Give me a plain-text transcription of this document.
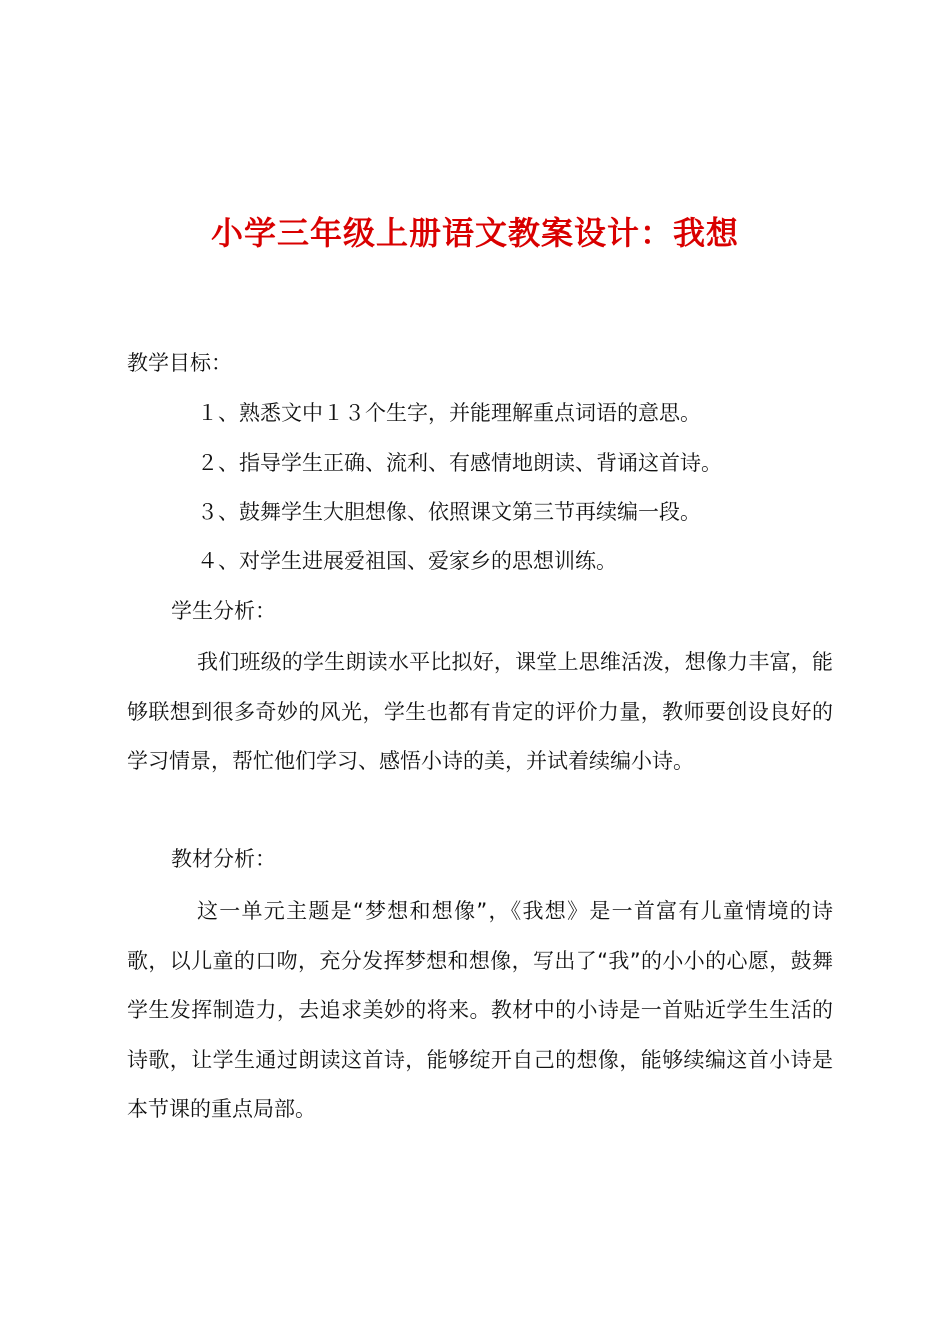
小学三年级上册语文教案设计：我想

教学目标：

１、熟悉文中１３个生字，并能理解重点词语的意思。

２、指导学生正确、流利、有感情地朗读、背诵这首诗。

３、鼓舞学生大胆想像、依照课文第三节再续编一段。

４、对学生进展爱祖国、爱家乡的思想训练。

学生分析：

我们班级的学生朗读水平比拟好，课堂上思维活泼，想像力丰富，能够联想到很多奇妙的风光，学生也都有肯定的评价力量，教师要创设良好的学习情景，帮忙他们学习、感悟小诗的美，并试着续编小诗。

教材分析：

这一单元主题是“梦想和想像”，《我想》是一首富有儿童情境的诗歌，以儿童的口吻，充分发挥梦想和想像，写出了“我”的小小的心愿，鼓舞学生发挥制造力，去追求美妙的将来。教材中的小诗是一首贴近学生生活的诗歌，让学生通过朗读这首诗，能够绽开自己的想像，能够续编这首小诗是本节课的重点局部。
